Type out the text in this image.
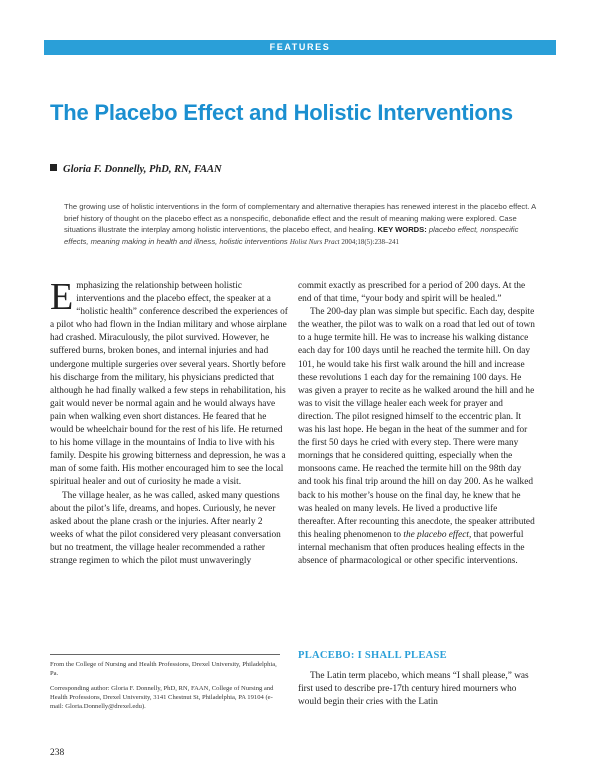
FEATURES
The Placebo Effect and Holistic Interventions
Gloria F. Donnelly, PhD, RN, FAAN
The growing use of holistic interventions in the form of complementary and alternative therapies has renewed interest in the placebo effect. A brief history of thought on the placebo effect as a nonspecific, debonafide effect and the result of meaning making were explored. Case situations illustrate the interplay among holistic interventions, the placebo effect, and healing. KEY WORDS: placebo effect, nonspecific effects, meaning making in health and illness, holistic interventions Holist Nurs Pract 2004;18(5):238–241

Emphasizing the relationship between holistic interventions and the placebo effect, the speaker at a “holistic health” conference described the experiences of a pilot who had flown in the Indian military and whose airplane had crashed. Miraculously, the pilot survived. However, he suffered burns, broken bones, and internal injuries and had undergone multiple surgeries over several years. Shortly before his discharge from the military, his physicians predicted that although he had finally walked a few steps in rehabilitation, his gait would never be normal again and he would always have pain when walking even short distances. He feared that he would be wheelchair bound for the rest of his life. He returned to his home village in the mountains of India to live with his family. Despite his growing bitterness and depression, he was a man of some faith. His mother encouraged him to see the local spiritual healer and out of curiosity he made a visit.

The village healer, as he was called, asked many questions about the pilot’s life, dreams, and hopes. Curiously, he never asked about the plane crash or the injuries. After nearly 2 weeks of what the pilot considered very pleasant conversation but no treatment, the village healer recommended a rather strange regimen to which the pilot must unwaveringly

commit exactly as prescribed for a period of 200 days. At the end of that time, “your body and spirit will be healed.”

The 200-day plan was simple but specific. Each day, despite the weather, the pilot was to walk on a road that led out of town to a huge termite hill. He was to increase his walking distance each day for 100 days until he reached the termite hill. On day 101, he would take his first walk around the hill and increase these revolutions 1 each day for the remaining 100 days. He was given a prayer to recite as he walked around the hill and he was to visit the village healer each week for prayer and direction. The pilot resigned himself to the eccentric plan. It was his last hope. He began in the heat of the summer and for the first 50 days he cried with every step. There were many mornings that he considered quitting, especially when the monsoons came. He reached the termite hill on the 98th day and took his final trip around the hill on day 200. As he walked back to his mother’s house on the final day, he knew that he was healed on many levels. He lived a productive life thereafter. After recounting this anecdote, the speaker attributed this healing phenomenon to the placebo effect, that powerful internal mechanism that often produces healing effects in the absence of pharmacological or other specific interventions.

PLACEBO: I SHALL PLEASE

The Latin term placebo, which means “I shall please,” was first used to describe pre-17th century hired mourners who would begin their cries with the Latin

From the College of Nursing and Health Professions, Drexel University, Philadelphia, Pa.

Corresponding author: Gloria F. Donnelly, PhD, RN, FAAN, College of Nursing and Health Professions, Drexel University, 3141 Chestnut St, Philadelphia, PA 19104 (e-mail: Gloria.Donnelly@drexel.edu).

238
